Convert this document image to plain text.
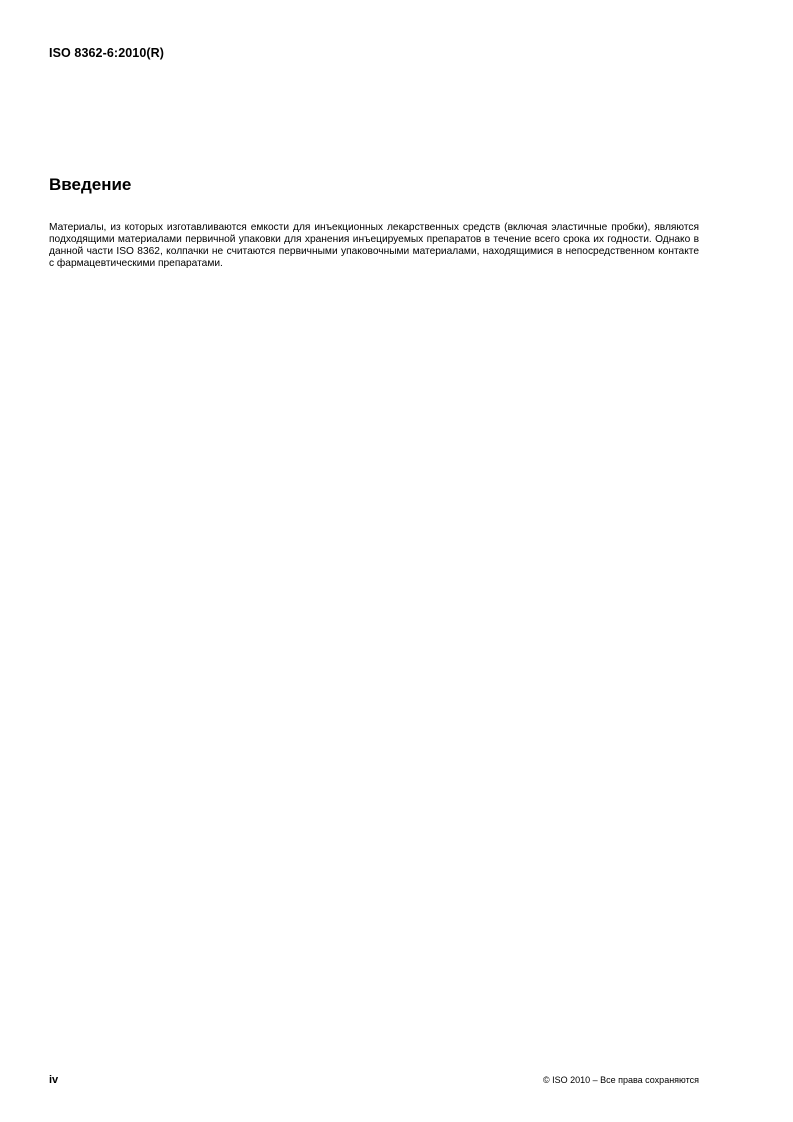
ISO 8362-6:2010(R)
Введение

Материалы, из которых изготавливаются емкости для инъекционных лекарственных средств (включая эластичные пробки), являются подходящими материалами первичной упаковки для хранения инъецируемых препаратов в течение всего срока их годности. Однако в данной части ISO 8362, колпачки не считаются первичными упаковочными материалами, находящимися в непосредственном контакте с фармацевтическими препаратами.

iv	© ISO 2010 – Все права сохраняются
